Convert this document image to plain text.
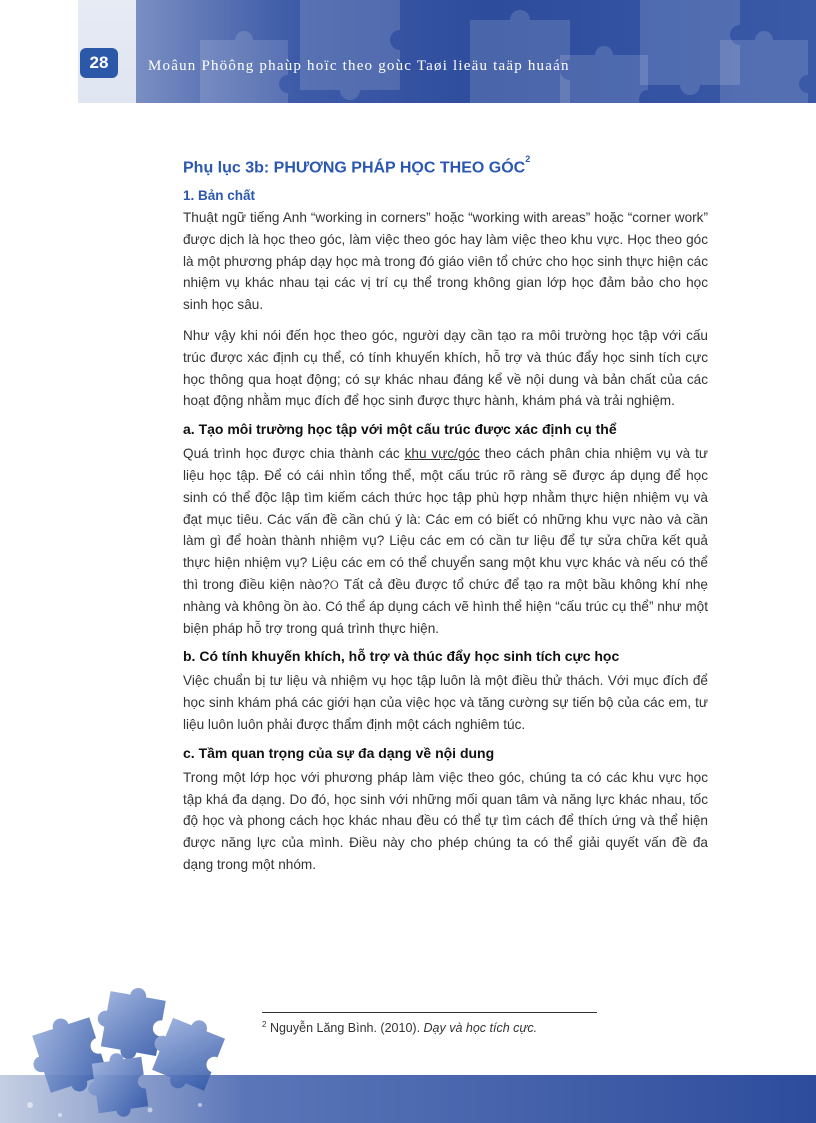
28	Moâun Phöông phaùp hoïc theo goùc Taøi lieäu taäp huaán
Phụ lục 3b: PHƯƠNG PHÁP HỌC THEO GÓC$^2$
1. Bản chất

Thuật ngữ tiếng Anh “working in corners” hoặc “working with areas” hoặc “corner work” được dịch là học theo góc, làm việc theo góc hay làm việc theo khu vực. Học theo góc là một phương pháp dạy học mà trong đó giáo viên tổ chức cho học sinh thực hiện các nhiệm vụ khác nhau tại các vị trí cụ thể trong không gian lớp học đảm bảo cho học sinh học sâu.

Như vậy khi nói đến học theo góc, người dạy cần tạo ra môi trường học tập với cấu trúc được xác định cụ thể, có tính khuyến khích, hỗ trợ và thúc đẩy học sinh tích cực học thông qua hoạt động; có sự khác nhau đáng kể về nội dung và bản chất của các hoạt động nhằm mục đích để học sinh được thực hành, khám phá và trải nghiệm.

a. Tạo môi trường học tập với một cấu trúc được xác định cụ thể

Quá trình học được chia thành các khu vực/góc theo cách phân chia nhiệm vụ và tư liệu học tập. Để có cái nhìn tổng thể, một cấu trúc rõ ràng sẽ được áp dụng để học sinh có thể độc lập tìm kiếm cách thức học tập phù hợp nhằm thực hiện nhiệm vụ và đạt mục tiêu. Các vấn đề cần chú ý là: Các em có biết có những khu vực nào và cần làm gì để hoàn thành nhiệm vụ? Liệu các em có cần tư liệu để tự sửa chữa kết quả thực hiện nhiệm vụ? Liệu các em có thể chuyển sang một khu vực khác và nếu có thể thì trong điều kiện nào?ଠ Tất cả đều được tổ chức để tạo ra một bầu không khí nhẹ nhàng và không ồn ào. Có thể áp dụng cách vẽ hình thể hiện “cấu trúc cụ thể” như một biện pháp hỗ trợ trong quá trình thực hiện.

b. Có tính khuyến khích, hỗ trợ và thúc đẩy học sinh tích cực học

Việc chuẩn bị tư liệu và nhiệm vụ học tập luôn là một điều thử thách. Với mục đích để học sinh khám phá các giới hạn của việc học và tăng cường sự tiến bộ của các em, tư liệu luôn luôn phải được thẩm định một cách nghiêm túc.

c. Tầm quan trọng của sự đa dạng về nội dung

Trong một lớp học với phương pháp làm việc theo góc, chúng ta có các khu vực học tập khá đa dạng. Do đó, học sinh với những mối quan tâm và năng lực khác nhau, tốc độ học và phong cách học khác nhau đều có thể tự tìm cách để thích ứng và thể hiện được năng lực của mình. Điều này cho phép chúng ta có thể giải quyết vấn đề đa dạng trong một nhóm.

$^2$ Nguyễn Lăng Bình. (2010). Dạy và học tích cực.
